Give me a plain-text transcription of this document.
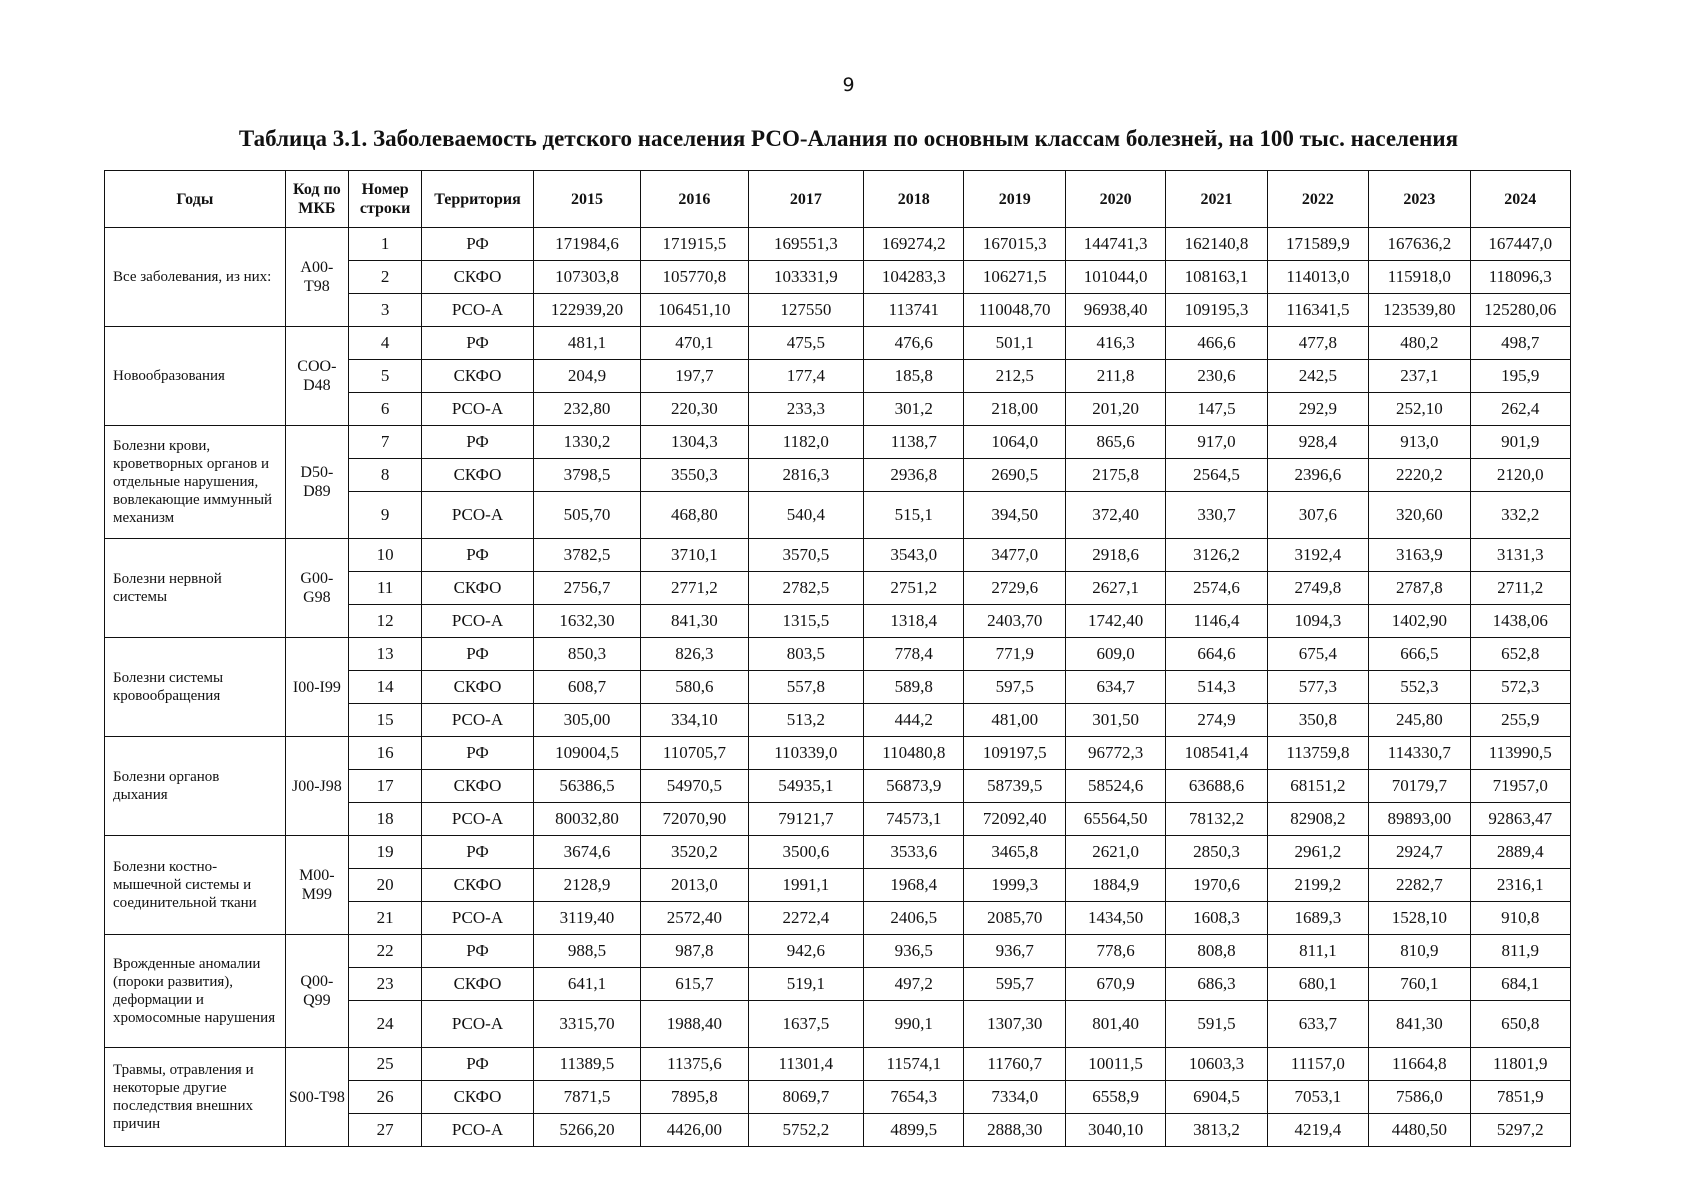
9
Таблица 3.1. Заболеваемость детского населения РСО-Алания по основным классам болезней, на 100 тыс. населения
Годы	Код по МКБ	Номер строки	Территория	2015	2016	2017	2018	2019	2020	2021	2022	2023	2024
Все заболевания, из них:	A00-T98	1	РФ	171984,6	171915,5	169551,3	169274,2	167015,3	144741,3	162140,8	171589,9	167636,2	167447,0
		2	СКФО	107303,8	105770,8	103331,9	104283,3	106271,5	101044,0	108163,1	114013,0	115918,0	118096,3
		3	РСО-А	122939,20	106451,10	127550	113741	110048,70	96938,40	109195,3	116341,5	123539,80	125280,06
Новообразования	COO-D48	4	РФ	481,1	470,1	475,5	476,6	501,1	416,3	466,6	477,8	480,2	498,7
		5	СКФО	204,9	197,7	177,4	185,8	212,5	211,8	230,6	242,5	237,1	195,9
		6	РСО-А	232,80	220,30	233,3	301,2	218,00	201,20	147,5	292,9	252,10	262,4
Болезни крови, кроветворных органов и отдельные нарушения, вовлекающие иммунный механизм	D50-D89	7	РФ	1330,2	1304,3	1182,0	1138,7	1064,0	865,6	917,0	928,4	913,0	901,9
		8	СКФО	3798,5	3550,3	2816,3	2936,8	2690,5	2175,8	2564,5	2396,6	2220,2	2120,0
		9	РСО-А	505,70	468,80	540,4	515,1	394,50	372,40	330,7	307,6	320,60	332,2
Болезни нервной системы	G00-G98	10	РФ	3782,5	3710,1	3570,5	3543,0	3477,0	2918,6	3126,2	3192,4	3163,9	3131,3
		11	СКФО	2756,7	2771,2	2782,5	2751,2	2729,6	2627,1	2574,6	2749,8	2787,8	2711,2
		12	РСО-А	1632,30	841,30	1315,5	1318,4	2403,70	1742,40	1146,4	1094,3	1402,90	1438,06
Болезни системы кровообращения	I00-I99	13	РФ	850,3	826,3	803,5	778,4	771,9	609,0	664,6	675,4	666,5	652,8
		14	СКФО	608,7	580,6	557,8	589,8	597,5	634,7	514,3	577,3	552,3	572,3
		15	РСО-А	305,00	334,10	513,2	444,2	481,00	301,50	274,9	350,8	245,80	255,9
Болезни органов дыхания	J00-J98	16	РФ	109004,5	110705,7	110339,0	110480,8	109197,5	96772,3	108541,4	113759,8	114330,7	113990,5
		17	СКФО	56386,5	54970,5	54935,1	56873,9	58739,5	58524,6	63688,6	68151,2	70179,7	71957,0
		18	РСО-А	80032,80	72070,90	79121,7	74573,1	72092,40	65564,50	78132,2	82908,2	89893,00	92863,47
Болезни костно-мышечной системы и соединительной ткани	M00-M99	19	РФ	3674,6	3520,2	3500,6	3533,6	3465,8	2621,0	2850,3	2961,2	2924,7	2889,4
		20	СКФО	2128,9	2013,0	1991,1	1968,4	1999,3	1884,9	1970,6	2199,2	2282,7	2316,1
		21	РСО-А	3119,40	2572,40	2272,4	2406,5	2085,70	1434,50	1608,3	1689,3	1528,10	910,8
Врожденные аномалии (пороки развития), деформации и хромосомные нарушения	Q00-Q99	22	РФ	988,5	987,8	942,6	936,5	936,7	778,6	808,8	811,1	810,9	811,9
		23	СКФО	641,1	615,7	519,1	497,2	595,7	670,9	686,3	680,1	760,1	684,1
		24	РСО-А	3315,70	1988,40	1637,5	990,1	1307,30	801,40	591,5	633,7	841,30	650,8
Травмы, отравления и некоторые другие последствия внешних причин	S00-T98	25	РФ	11389,5	11375,6	11301,4	11574,1	11760,7	10011,5	10603,3	11157,0	11664,8	11801,9
		26	СКФО	7871,5	7895,8	8069,7	7654,3	7334,0	6558,9	6904,5	7053,1	7586,0	7851,9
		27	РСО-А	5266,20	4426,00	5752,2	4899,5	2888,30	3040,10	3813,2	4219,4	4480,50	5297,2
